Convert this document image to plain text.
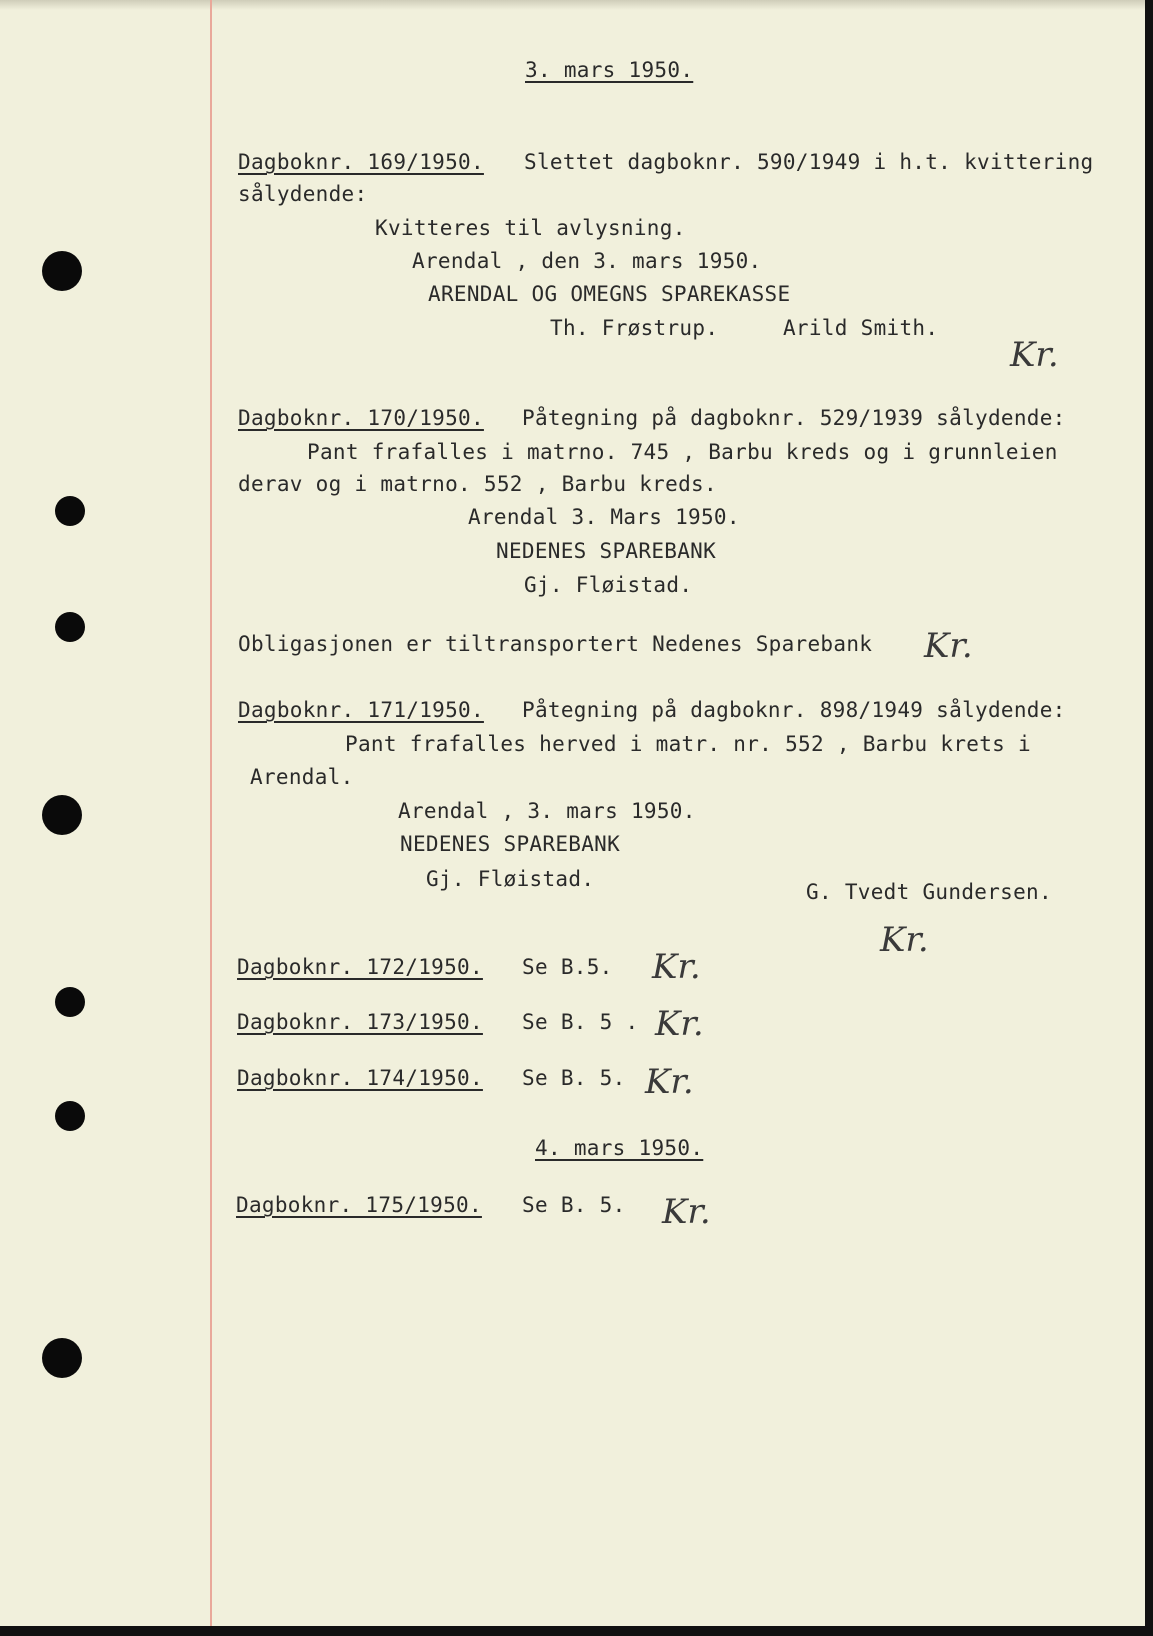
3. mars 1950.
Dagboknr. 169/1950. Slettet dagboknr. 590/1949 i h.t. kvittering
sålydende:
Kvitteres til avlysning.
Arendal , den 3. mars 1950.
ARENDAL OG OMEGNS SPAREKASSE
Th. Frøstrup.     Arild Smith.
Kr.
Dagboknr. 170/1950. Påtegning på dagboknr. 529/1939 sålydende:
Pant frafalles i matrno. 745 , Barbu kreds og i grunnleien
derav og i matrno. 552 , Barbu kreds.
Arendal 3. Mars 1950.
NEDENES SPAREBANK
Gj. Fløistad.
Obligasjonen er tiltransportert Nedenes Sparebank Kr.
Dagboknr. 171/1950. Påtegning på dagboknr. 898/1949 sålydende:
Pant frafalles herved i matr. nr. 552 , Barbu krets i
Arendal.
Arendal , 3. mars 1950.
NEDENES SPAREBANK
Gj. Fløistad.
G. Tvedt Gundersen.
Kr.
Dagboknr. 172/1950. Se B.5. Kr.
Dagboknr. 173/1950. Se B. 5 . Kr.
Dagboknr. 174/1950. Se B. 5. Kr.
4. mars 1950.
Dagboknr. 175/1950. Se B. 5. Kr.
